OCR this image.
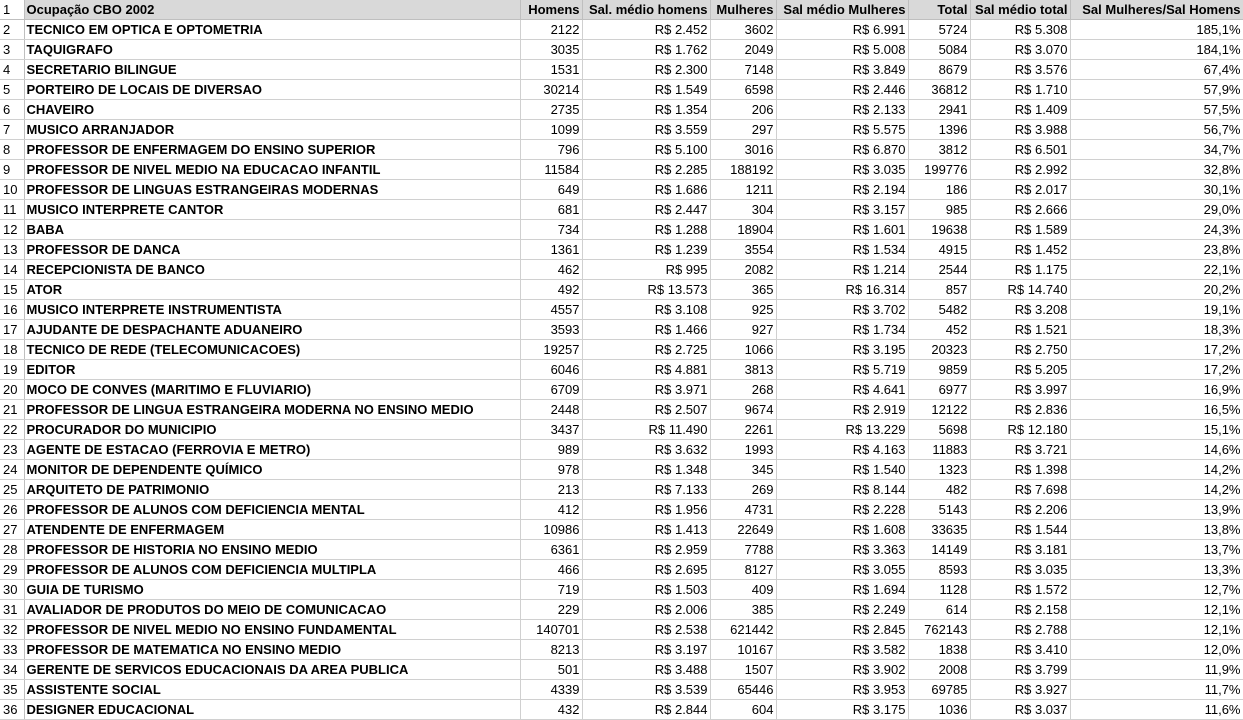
1	Ocupação CBO 2002	Homens	Sal. médio homens	Mulheres	Sal médio Mulheres	Total	Sal médio total	Sal Mulheres/Sal Homens
2	TECNICO EM OPTICA E OPTOMETRIA	2122	R$ 2.452	3602	R$ 6.991	5724	R$ 5.308	185,1%
3	TAQUIGRAFO	3035	R$ 1.762	2049	R$ 5.008	5084	R$ 3.070	184,1%
4	SECRETARIO BILINGUE	1531	R$ 2.300	7148	R$ 3.849	8679	R$ 3.576	67,4%
5	PORTEIRO DE LOCAIS DE DIVERSAO	30214	R$ 1.549	6598	R$ 2.446	36812	R$ 1.710	57,9%
6	CHAVEIRO	2735	R$ 1.354	206	R$ 2.133	2941	R$ 1.409	57,5%
7	MUSICO ARRANJADOR	1099	R$ 3.559	297	R$ 5.575	1396	R$ 3.988	56,7%
8	PROFESSOR DE ENFERMAGEM DO ENSINO SUPERIOR	796	R$ 5.100	3016	R$ 6.870	3812	R$ 6.501	34,7%
9	PROFESSOR DE NIVEL MEDIO NA EDUCACAO INFANTIL	11584	R$ 2.285	188192	R$ 3.035	199776	R$ 2.992	32,8%
10	PROFESSOR DE LINGUAS ESTRANGEIRAS MODERNAS	649	R$ 1.686	1211	R$ 2.194	186	R$ 2.017	30,1%
11	MUSICO INTERPRETE CANTOR	681	R$ 2.447	304	R$ 3.157	985	R$ 2.666	29,0%
12	BABA	734	R$ 1.288	18904	R$ 1.601	19638	R$ 1.589	24,3%
13	PROFESSOR DE DANCA	1361	R$ 1.239	3554	R$ 1.534	4915	R$ 1.452	23,8%
14	RECEPCIONISTA DE BANCO	462	R$ 995	2082	R$ 1.214	2544	R$ 1.175	22,1%
15	ATOR	492	R$ 13.573	365	R$ 16.314	857	R$ 14.740	20,2%
16	MUSICO INTERPRETE INSTRUMENTISTA	4557	R$ 3.108	925	R$ 3.702	5482	R$ 3.208	19,1%
17	AJUDANTE DE DESPACHANTE ADUANEIRO	3593	R$ 1.466	927	R$ 1.734	452	R$ 1.521	18,3%
18	TECNICO DE REDE (TELECOMUNICACOES)	19257	R$ 2.725	1066	R$ 3.195	20323	R$ 2.750	17,2%
19	EDITOR	6046	R$ 4.881	3813	R$ 5.719	9859	R$ 5.205	17,2%
20	MOCO DE CONVES (MARITIMO E FLUVIARIO)	6709	R$ 3.971	268	R$ 4.641	6977	R$ 3.997	16,9%
21	PROFESSOR DE LINGUA ESTRANGEIRA MODERNA NO ENSINO MEDIO	2448	R$ 2.507	9674	R$ 2.919	12122	R$ 2.836	16,5%
22	PROCURADOR DO MUNICIPIO	3437	R$ 11.490	2261	R$ 13.229	5698	R$ 12.180	15,1%
23	AGENTE DE ESTACAO (FERROVIA E METRO)	989	R$ 3.632	1993	R$ 4.163	11883	R$ 3.721	14,6%
24	MONITOR DE DEPENDENTE QUÍMICO	978	R$ 1.348	345	R$ 1.540	1323	R$ 1.398	14,2%
25	ARQUITETO DE PATRIMONIO	213	R$ 7.133	269	R$ 8.144	482	R$ 7.698	14,2%
26	PROFESSOR DE ALUNOS COM DEFICIENCIA MENTAL	412	R$ 1.956	4731	R$ 2.228	5143	R$ 2.206	13,9%
27	ATENDENTE DE ENFERMAGEM	10986	R$ 1.413	22649	R$ 1.608	33635	R$ 1.544	13,8%
28	PROFESSOR DE HISTORIA NO ENSINO MEDIO	6361	R$ 2.959	7788	R$ 3.363	14149	R$ 3.181	13,7%
29	PROFESSOR DE ALUNOS COM DEFICIENCIA MULTIPLA	466	R$ 2.695	8127	R$ 3.055	8593	R$ 3.035	13,3%
30	GUIA DE TURISMO	719	R$ 1.503	409	R$ 1.694	1128	R$ 1.572	12,7%
31	AVALIADOR DE PRODUTOS DO MEIO DE COMUNICACAO	229	R$ 2.006	385	R$ 2.249	614	R$ 2.158	12,1%
32	PROFESSOR DE NIVEL MEDIO NO ENSINO FUNDAMENTAL	140701	R$ 2.538	621442	R$ 2.845	762143	R$ 2.788	12,1%
33	PROFESSOR DE MATEMATICA NO ENSINO MEDIO	8213	R$ 3.197	10167	R$ 3.582	1838	R$ 3.410	12,0%
34	GERENTE DE SERVICOS EDUCACIONAIS DA AREA PUBLICA	501	R$ 3.488	1507	R$ 3.902	2008	R$ 3.799	11,9%
35	ASSISTENTE SOCIAL	4339	R$ 3.539	65446	R$ 3.953	69785	R$ 3.927	11,7%
36	DESIGNER EDUCACIONAL	432	R$ 2.844	604	R$ 3.175	1036	R$ 3.037	11,6%
